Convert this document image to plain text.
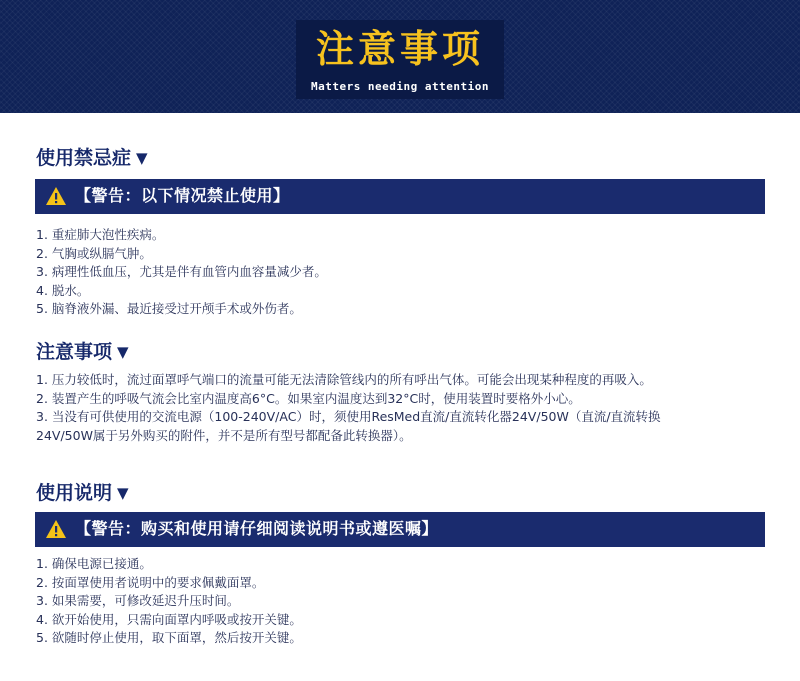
注意事项
Matters needing attention
使用禁忌症 ▼
【警告：以下情况禁止使用】
1. 重症肺大泡性疾病。
2. 气胸或纵膈气肿。
3. 病理性低血压，尤其是伴有血管内血容量减少者。
4. 脱水。
5. 脑脊液外漏、最近接受过开颅手术或外伤者。
注意事项 ▼
1. 压力较低时，流过面罩呼气端口的流量可能无法清除管线内的所有呼出气体。可能会出现某种程度的再吸入。
2. 装置产生的呼吸气流会比室内温度高6°C。如果室内温度达到32°C时，使用装置时要格外小心。
3. 当没有可供使用的交流电源（100-240V/AC）时，须使用ResMed直流/直流转化器24V/50W（直流/直流转换24V/50W属于另外购买的附件，并不是所有型号都配备此转换器）。
使用说明 ▼
【警告：购买和使用请仔细阅读说明书或遵医嘱】
1. 确保电源已接通。
2. 按面罩使用者说明中的要求佩戴面罩。
3. 如果需要，可修改延迟升压时间。
4. 欲开始使用，只需向面罩内呼吸或按开关键。
5. 欲随时停止使用，取下面罩，然后按开关键。
